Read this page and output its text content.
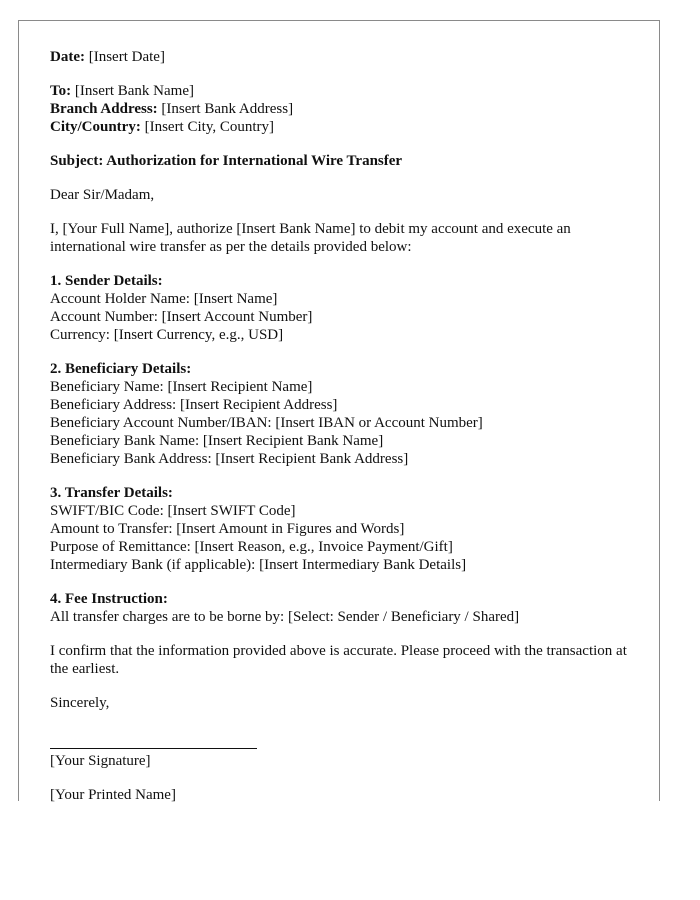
Date: [Insert Date]
To: [Insert Bank Name]
Branch Address: [Insert Bank Address]
City/Country: [Insert City, Country]
Subject: Authorization for International Wire Transfer
Dear Sir/Madam,
I, [Your Full Name], authorize [Insert Bank Name] to debit my account and execute an international wire transfer as per the details provided below:
1. Sender Details:
Account Holder Name: [Insert Name]
Account Number: [Insert Account Number]
Currency: [Insert Currency, e.g., USD]
2. Beneficiary Details:
Beneficiary Name: [Insert Recipient Name]
Beneficiary Address: [Insert Recipient Address]
Beneficiary Account Number/IBAN: [Insert IBAN or Account Number]
Beneficiary Bank Name: [Insert Recipient Bank Name]
Beneficiary Bank Address: [Insert Recipient Bank Address]
3. Transfer Details:
SWIFT/BIC Code: [Insert SWIFT Code]
Amount to Transfer: [Insert Amount in Figures and Words]
Purpose of Remittance: [Insert Reason, e.g., Invoice Payment/Gift]
Intermediary Bank (if applicable): [Insert Intermediary Bank Details]
4. Fee Instruction:
All transfer charges are to be borne by: [Select: Sender / Beneficiary / Shared]
I confirm that the information provided above is accurate. Please proceed with the transaction at the earliest.
Sincerely,
[Your Signature]
[Your Printed Name]
